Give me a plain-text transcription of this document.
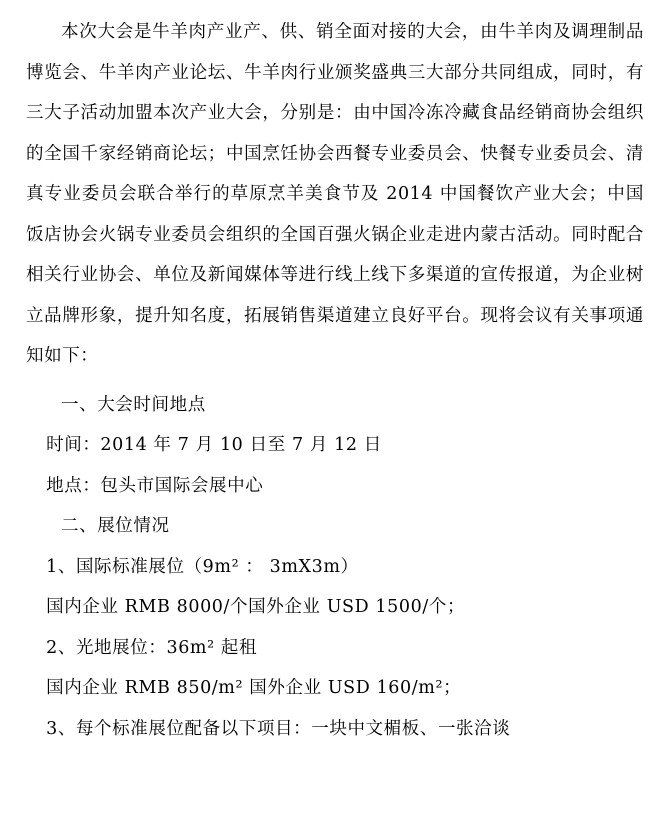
本次大会是牛羊肉产业产、供、销全面对接的大会，由牛羊肉及调理制品博览会、牛羊肉产业论坛、牛羊肉行业颁奖盛典三大部分共同组成，同时，有三大子活动加盟本次产业大会，分别是：由中国冷冻冷藏食品经销商协会组织的全国千家经销商论坛；中国烹饪协会西餐专业委员会、快餐专业委员会、清真专业委员会联合举行的草原烹羊美食节及 2014 中国餐饮产业大会；中国饭店协会火锅专业委员会组织的全国百强火锅企业走进内蒙古活动。同时配合相关行业协会、单位及新闻媒体等进行线上线下多渠道的宣传报道，为企业树立品牌形象，提升知名度，拓展销售渠道建立良好平台。现将会议有关事项通知如下：

一、大会时间地点

时间：2014 年 7 月 10 日至 7 月 12 日

地点：包头市国际会展中心

二、展位情况

1、国际标准展位（9m² ： 3mX3m）

国内企业 RMB 8000/个国外企业 USD 1500/个；

2、光地展位：36m² 起租

国内企业 RMB 850/m² 国外企业 USD 160/m²；

3、每个标准展位配备以下项目：一块中文楣板、一张洽谈
